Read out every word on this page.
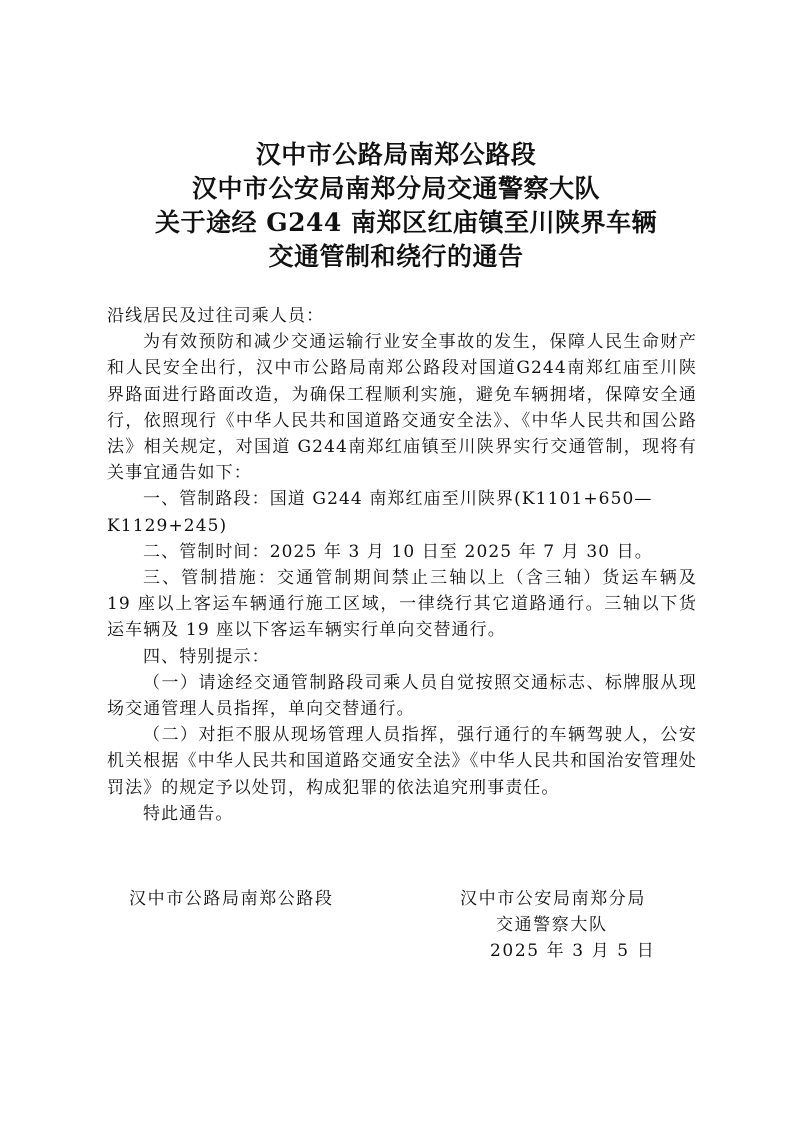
汉中市公路局南郑公路段
汉中市公安局南郑分局交通警察大队
关于途经 G244 南郑区红庙镇至川陕界车辆
交通管制和绕行的通告

沿线居民及过往司乘人员：

为有效预防和减少交通运输行业安全事故的发生，保障人民生命财产和人民安全出行，汉中市公路局南郑公路段对国道G244南郑红庙至川陕界路面进行路面改造，为确保工程顺利实施，避免车辆拥堵，保障安全通行，依照现行《中华人民共和国道路交通安全法》、《中华人民共和国公路法》相关规定，对国道 G244南郑红庙镇至川陕界实行交通管制，现将有关事宜通告如下：

一、管制路段：国道 G244 南郑红庙至川陕界(K1101+650—

K1129+245)

二、管制时间：2025 年 3 月 10 日至 2025 年 7 月 30 日。

三、管制措施：交通管制期间禁止三轴以上（含三轴）货运车辆及 19 座以上客运车辆通行施工区域，一律绕行其它道路通行。三轴以下货运车辆及 19 座以下客运车辆实行单向交替通行。

四、特别提示：

（一）请途经交通管制路段司乘人员自觉按照交通标志、标牌服从现场交通管理人员指挥，单向交替通行。

（二）对拒不服从现场管理人员指挥，强行通行的车辆驾驶人，公安机关根据《中华人民共和国道路交通安全法》《中华人民共和国治安管理处罚法》的规定予以处罚，构成犯罪的依法追究刑事责任。

特此通告。

汉中市公路局南郑公路段	汉中市公安局南郑分局
交通警察大队
2025 年 3 月 5 日
